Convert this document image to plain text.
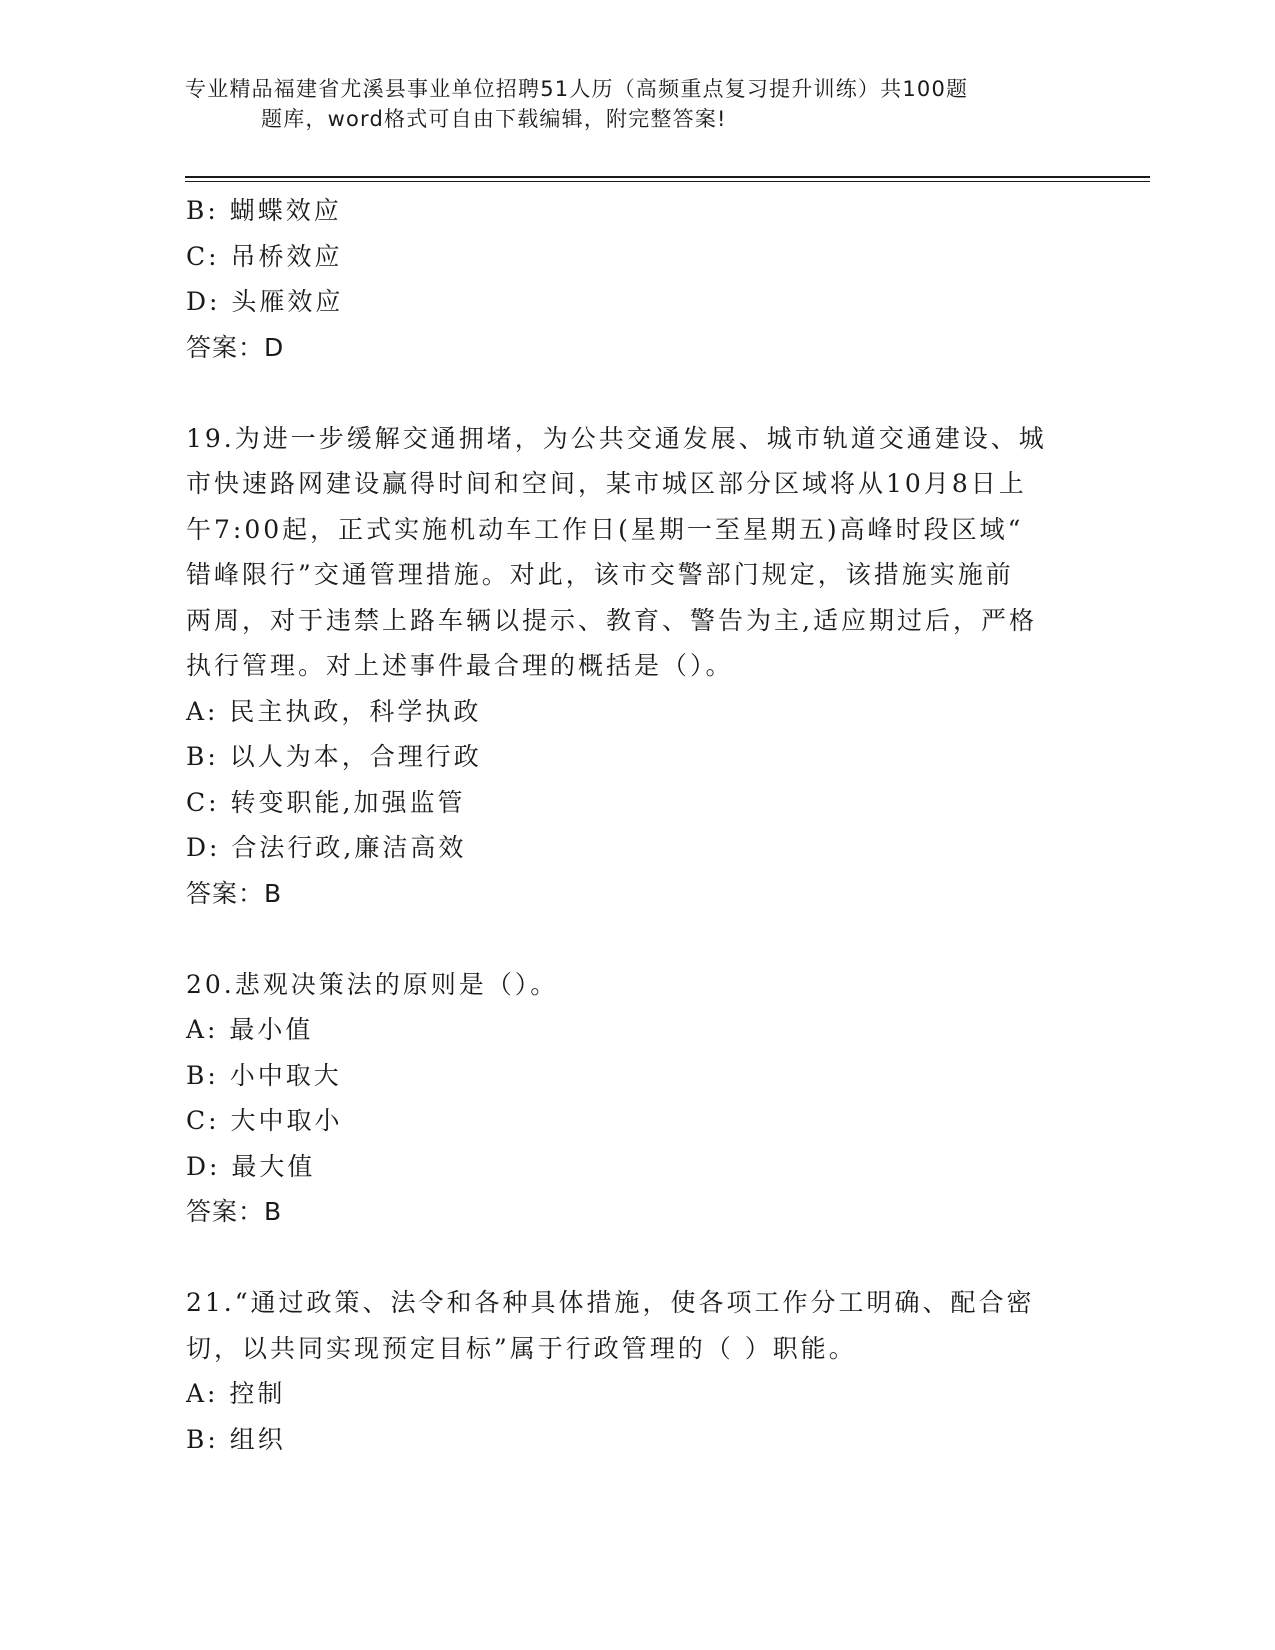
专业精品福建省尤溪县事业单位招聘51人历（高频重点复习提升训练）共100题
题库，word格式可自由下载编辑，附完整答案!
B: 蝴蝶效应
C: 吊桥效应
D: 头雁效应
答案：D
19.为进一步缓解交通拥堵，为公共交通发展、城市轨道交通建设、城
市快速路网建设赢得时间和空间，某市城区部分区域将从10月8日上
午7:00起，正式实施机动车工作日(星期一至星期五)高峰时段区域“
错峰限行”交通管理措施。对此，该市交警部门规定，该措施实施前
两周，对于违禁上路车辆以提示、教育、警告为主,适应期过后，严格
执行管理。对上述事件最合理的概括是（）。
A: 民主执政，科学执政
B: 以人为本，合理行政
C: 转变职能,加强监管
D: 合法行政,廉洁高效
答案：B
20.悲观决策法的原则是（）。
A: 最小值
B: 小中取大
C: 大中取小
D: 最大值
答案：B
21.“通过政策、法令和各种具体措施，使各项工作分工明确、配合密
切，以共同实现预定目标”属于行政管理的（ ）职能。
A: 控制
B: 组织
